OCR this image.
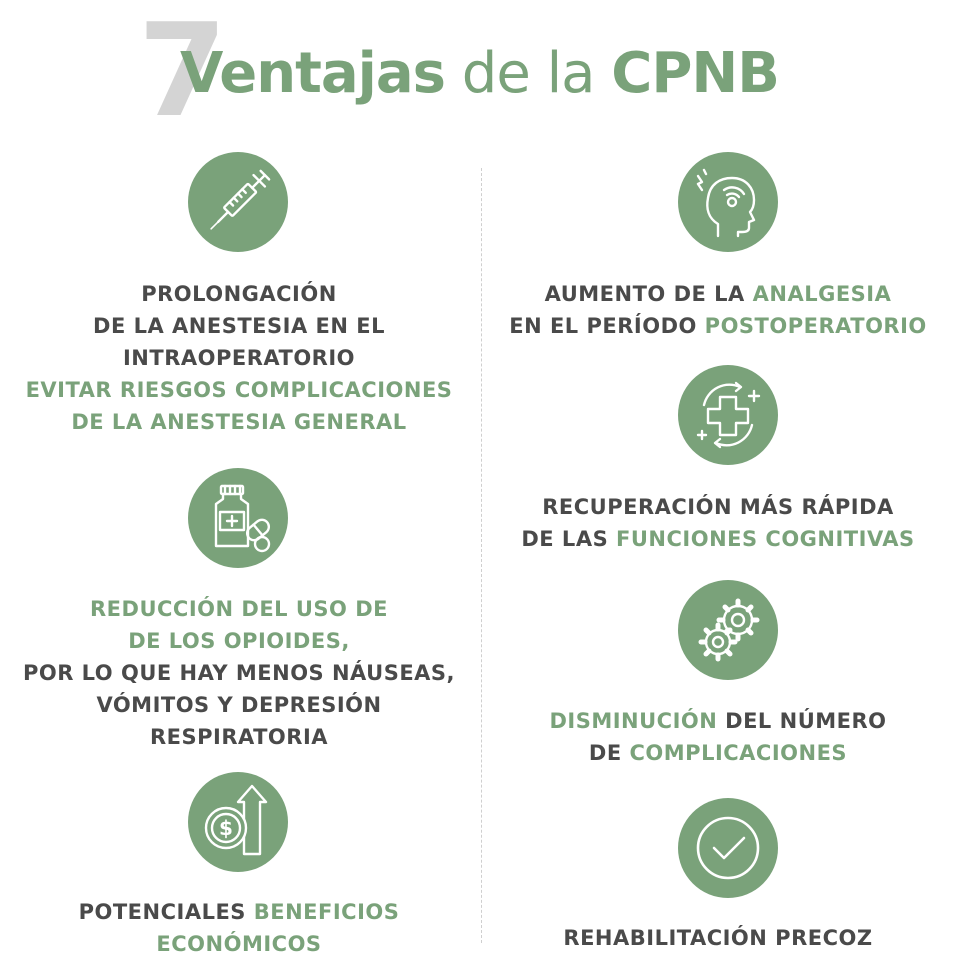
7
Ventajas de la CPNB
PROLONGACIÓN
DE LA ANESTESIA EN EL
INTRAOPERATORIO
EVITAR RIESGOS COMPLICACIONES
DE LA ANESTESIA GENERAL
REDUCCIÓN DEL USO DE
DE LOS OPIOIDES,
POR LO QUE HAY MENOS NÁUSEAS,
VÓMITOS Y DEPRESIÓN
RESPIRATORIA
$
POTENCIALES BENEFICIOS
ECONÓMICOS
AUMENTO DE LA ANALGESIA
EN EL PERÍODO POSTOPERATORIO
RECUPERACIÓN MÁS RÁPIDA
DE LAS FUNCIONES COGNITIVAS
DISMINUCIÓN DEL NÚMERO
DE COMPLICACIONES
REHABILITACIÓN PRECOZ
